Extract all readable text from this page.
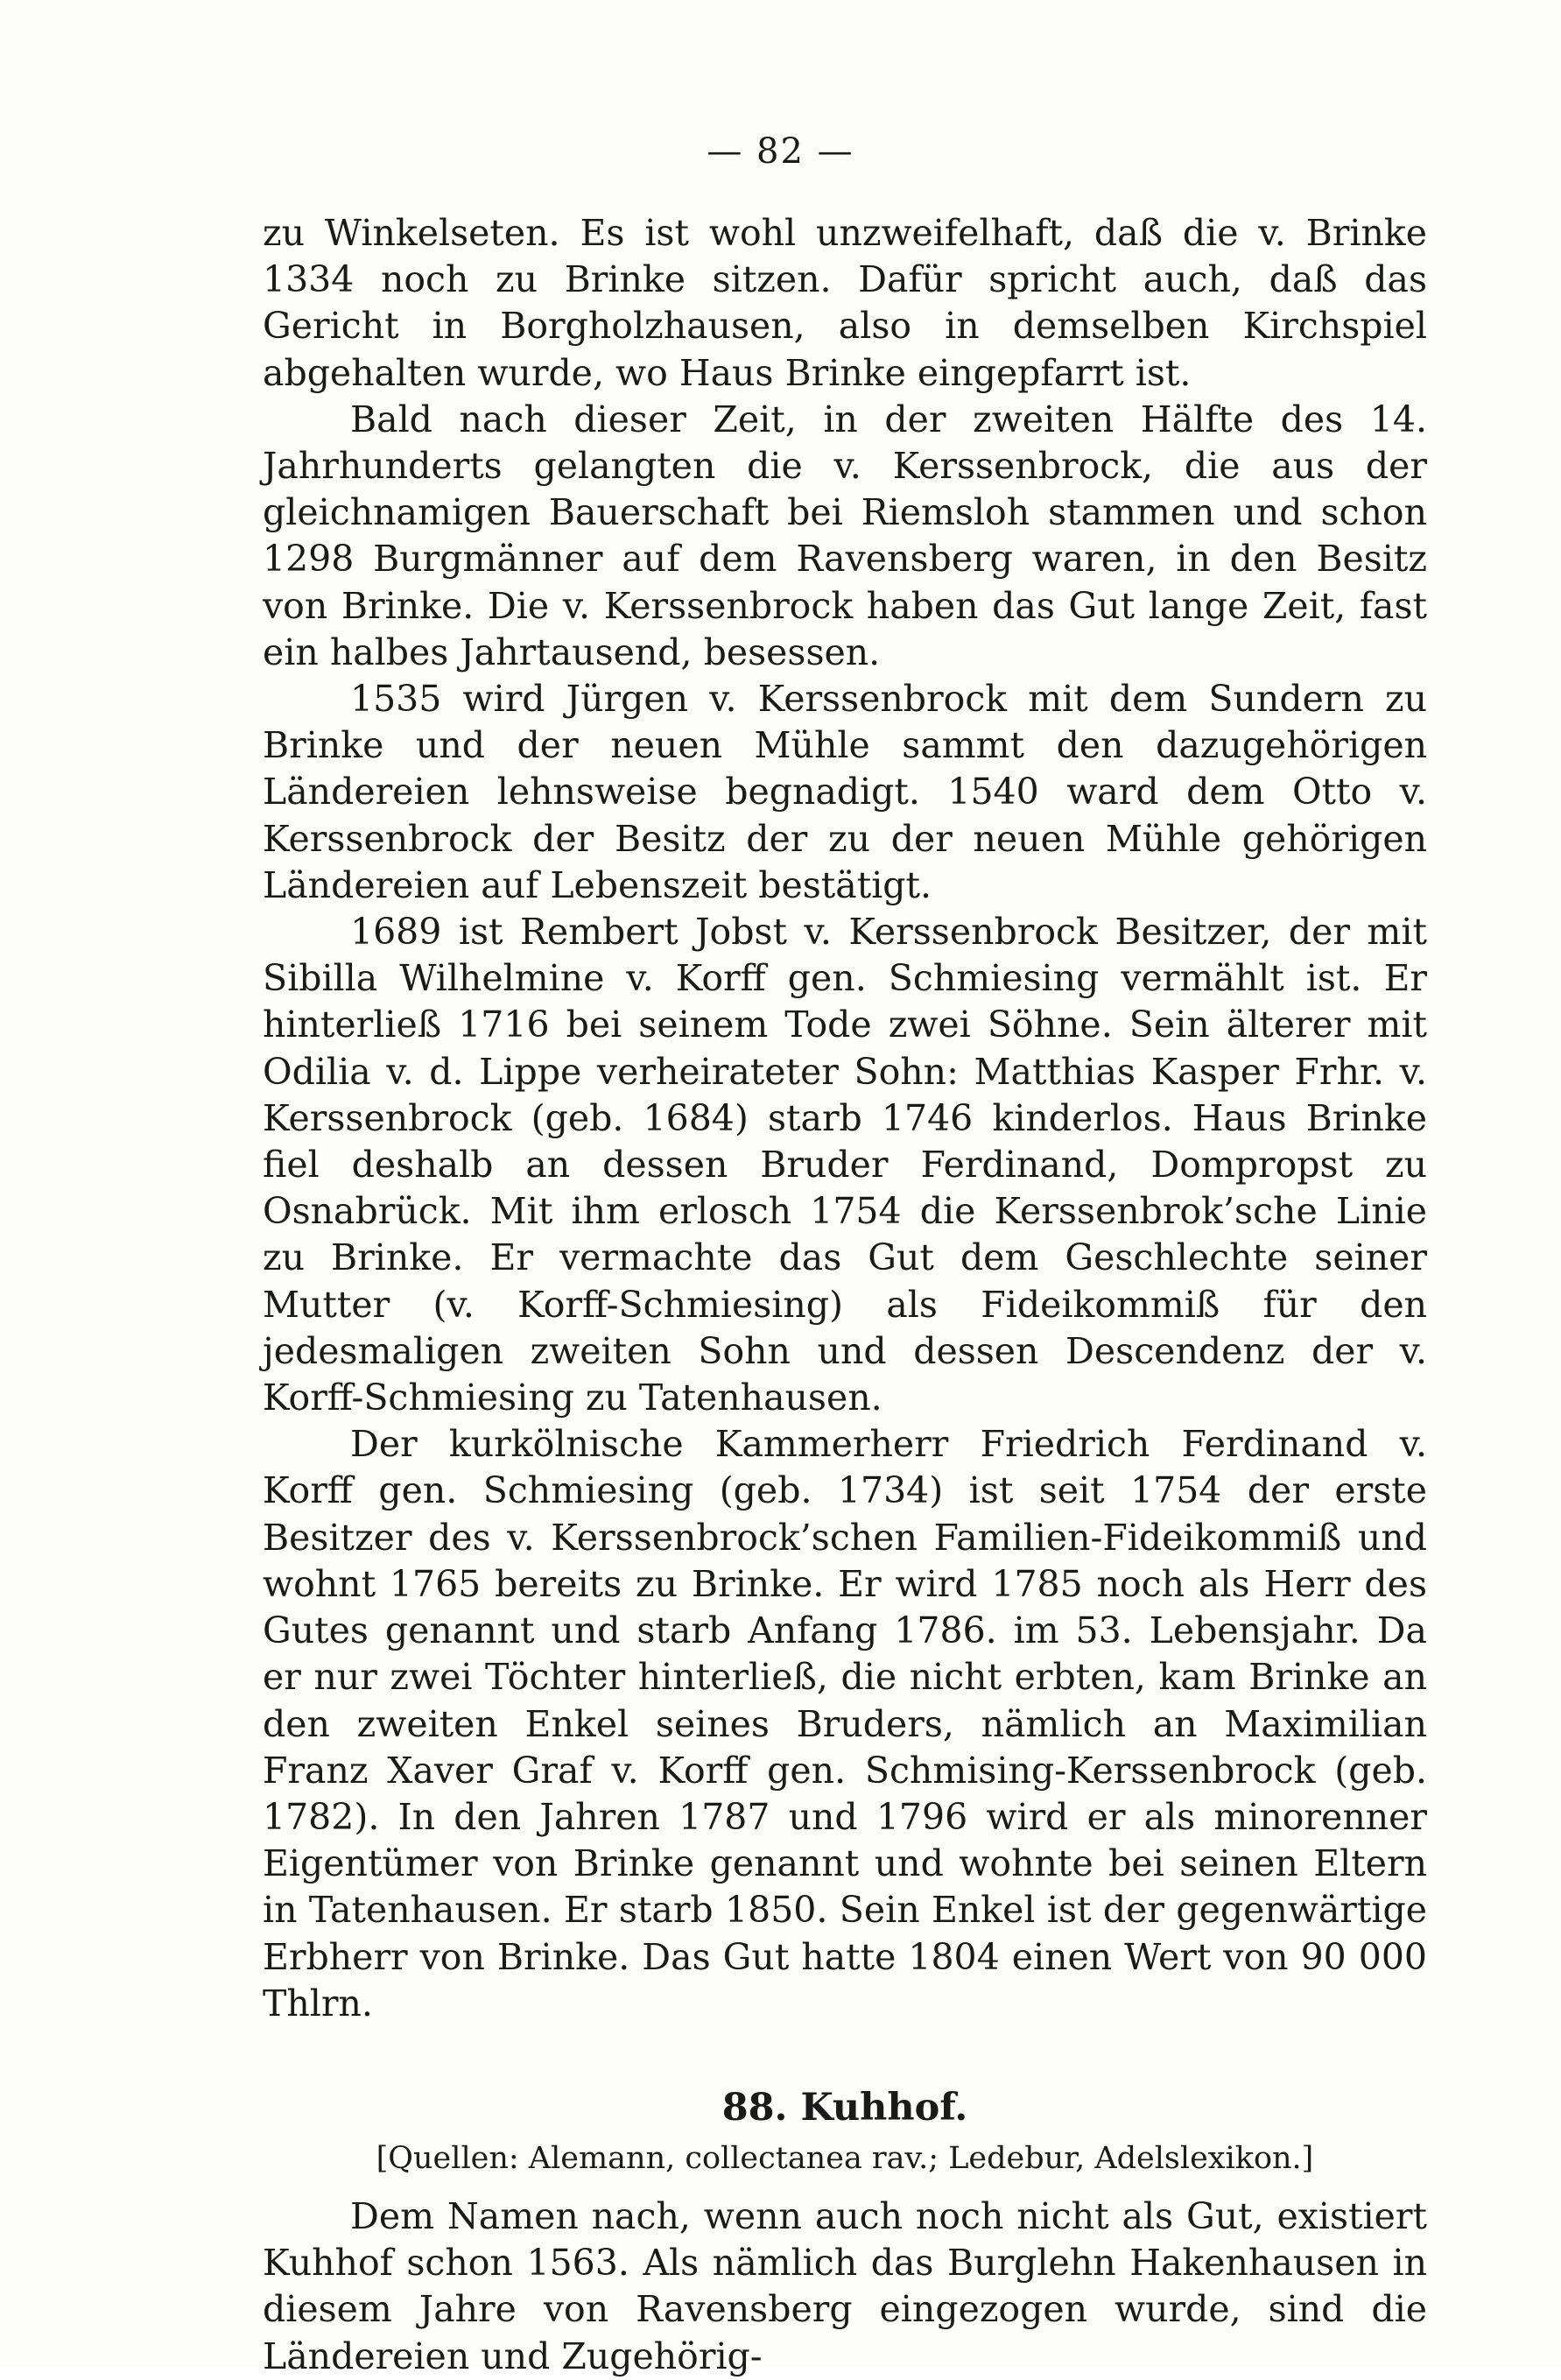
— 82 —

zu Winkelseten. Es ist wohl unzweifelhaft, daß die v. Brinke 1334 noch zu Brinke sitzen. Dafür spricht auch, daß das Gericht in Borgholzhausen, also in demselben Kirchspiel abgehalten wurde, wo Haus Brinke eingepfarrt ist.

Bald nach dieser Zeit, in der zweiten Hälfte des 14. Jahrhunderts gelangten die v. Kerssenbrock, die aus der gleichnamigen Bauerschaft bei Riemsloh stammen und schon 1298 Burgmänner auf dem Ravensberg waren, in den Besitz von Brinke. Die v. Kerssenbrock haben das Gut lange Zeit, fast ein halbes Jahrtausend, besessen.

1535 wird Jürgen v. Kerssenbrock mit dem Sundern zu Brinke und der neuen Mühle sammt den dazugehörigen Ländereien lehnsweise begnadigt. 1540 ward dem Otto v. Kerssenbrock der Besitz der zu der neuen Mühle gehörigen Ländereien auf Lebenszeit bestätigt.

1689 ist Rembert Jobst v. Kerssenbrock Besitzer, der mit Sibilla Wilhelmine v. Korff gen. Schmiesing vermählt ist. Er hinterließ 1716 bei seinem Tode zwei Söhne. Sein älterer mit Odilia v. d. Lippe verheirateter Sohn: Matthias Kasper Frhr. v. Kerssenbrock (geb. 1684) starb 1746 kinderlos. Haus Brinke fiel deshalb an dessen Bruder Ferdinand, Dompropst zu Osnabrück. Mit ihm erlosch 1754 die Kerssenbrok’sche Linie zu Brinke. Er vermachte das Gut dem Geschlechte seiner Mutter (v. Korff-Schmiesing) als Fideikommiß für den jedesmaligen zweiten Sohn und dessen Descendenz der v. Korff-Schmiesing zu Tatenhausen.

Der kurkölnische Kammerherr Friedrich Ferdinand v. Korff gen. Schmiesing (geb. 1734) ist seit 1754 der erste Besitzer des v. Kerssenbrock’schen Familien-Fideikommiß und wohnt 1765 bereits zu Brinke. Er wird 1785 noch als Herr des Gutes genannt und starb Anfang 1786. im 53. Lebensjahr. Da er nur zwei Töchter hinterließ, die nicht erbten, kam Brinke an den zweiten Enkel seines Bruders, nämlich an Maximilian Franz Xaver Graf v. Korff gen. Schmising-Kerssenbrock (geb. 1782). In den Jahren 1787 und 1796 wird er als minorenner Eigentümer von Brinke genannt und wohnte bei seinen Eltern in Tatenhausen. Er starb 1850. Sein Enkel ist der gegenwärtige Erbherr von Brinke. Das Gut hatte 1804 einen Wert von 90 000 Thlrn.

88. Kuhhof.
[Quellen: Alemann, collectanea rav.; Ledebur, Adelslexikon.]

Dem Namen nach, wenn auch noch nicht als Gut, existiert Kuhhof schon 1563. Als nämlich das Burglehn Hakenhausen in diesem Jahre von Ravensberg eingezogen wurde, sind die Ländereien und Zugehörig-
